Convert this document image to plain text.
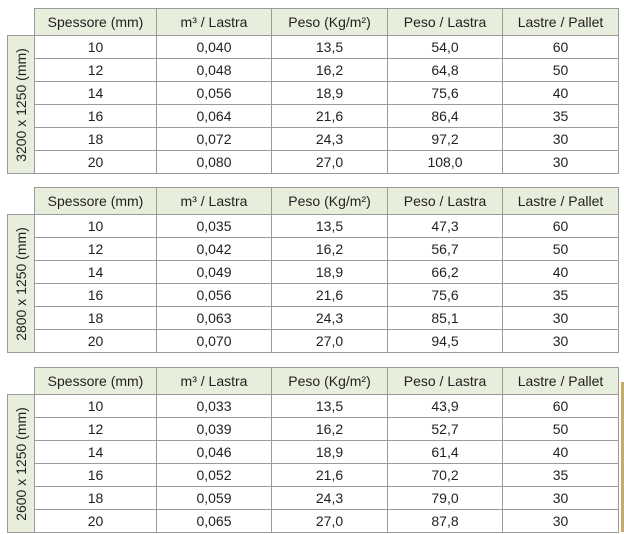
	Spessore (mm)	m³ / Lastra	Peso (Kg/m²)	Peso / Lastra	Lastre / Pallet

3200 x 1250 (mm)	10	0,040	13,5	54,0	60
	12	0,048	16,2	64,8	50
	14	0,056	18,9	75,6	40
	16	0,064	21,6	86,4	35
	18	0,072	24,3	97,2	30
	20	0,080	27,0	108,0	30
	Spessore (mm)	m³ / Lastra	Peso (Kg/m²)	Peso / Lastra	Lastre / Pallet

2800 x 1250 (mm)	10	0,035	13,5	47,3	60
	12	0,042	16,2	56,7	50
	14	0,049	18,9	66,2	40
	16	0,056	21,6	75,6	35
	18	0,063	24,3	85,1	30
	20	0,070	27,0	94,5	30
	Spessore (mm)	m³ / Lastra	Peso (Kg/m²)	Peso / Lastra	Lastre / Pallet

2600 x 1250 (mm)	10	0,033	13,5	43,9	60
	12	0,039	16,2	52,7	50
	14	0,046	18,9	61,4	40
	16	0,052	21,6	70,2	35
	18	0,059	24,3	79,0	30
	20	0,065	27,0	87,8	30
